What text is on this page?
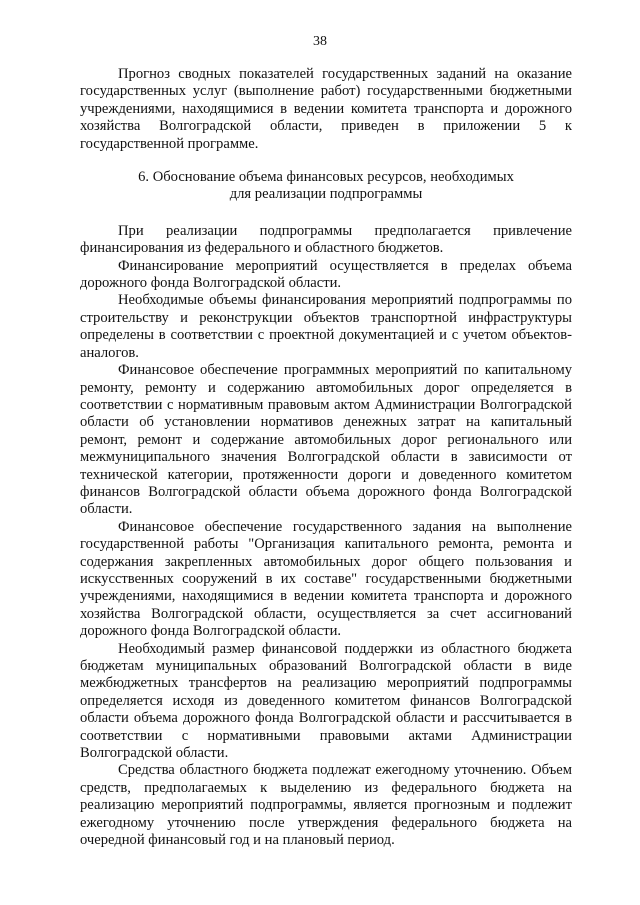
38

Прогноз сводных показателей государственных заданий на оказание государственных услуг (выполнение работ) государственными бюджетными учреждениями, находящимися в ведении комитета транспорта и дорожного хозяйства Волгоградской области, приведен в приложении 5 к государственной программе.

6. Обоснование объема финансовых ресурсов, необходимых
для реализации подпрограммы

При реализации подпрограммы предполагается привлечение финансирования из федерального и областного бюджетов.

Финансирование мероприятий осуществляется в пределах объема дорожного фонда Волгоградской области.

Необходимые объемы финансирования мероприятий подпрограммы по строительству и реконструкции объектов транспортной инфраструктуры определены в соответствии с проектной документацией и с учетом объектов-аналогов.

Финансовое обеспечение программных мероприятий по капитальному ремонту, ремонту и содержанию автомобильных дорог определяется в соответствии с нормативным правовым актом Администрации Волгоградской области об установлении нормативов денежных затрат на капитальный ремонт, ремонт и содержание автомобильных дорог регионального или межмуниципального значения Волгоградской области в зависимости от технической категории, протяженности дороги и доведенного комитетом финансов Волгоградской области объема дорожного фонда Волгоградской области.

Финансовое обеспечение государственного задания на выполнение государственной работы "Организация капитального ремонта, ремонта и содержания закрепленных автомобильных дорог общего пользования и искусственных сооружений в их составе" государственными бюджетными учреждениями, находящимися в ведении комитета транспорта и дорожного хозяйства Волгоградской области, осуществляется за счет ассигнований дорожного фонда Волгоградской области.

Необходимый размер финансовой поддержки из областного бюджета бюджетам муниципальных образований Волгоградской области в виде межбюджетных трансфертов на реализацию мероприятий подпрограммы определяется исходя из доведенного комитетом финансов Волгоградской области объема дорожного фонда Волгоградской области и рассчитывается в соответствии с нормативными правовыми актами Администрации Волгоградской области.

Средства областного бюджета подлежат ежегодному уточнению. Объем средств, предполагаемых к выделению из федерального бюджета на реализацию мероприятий подпрограммы, является прогнозным и подлежит ежегодному уточнению после утверждения федерального бюджета на очередной финансовый год и на плановый период.
